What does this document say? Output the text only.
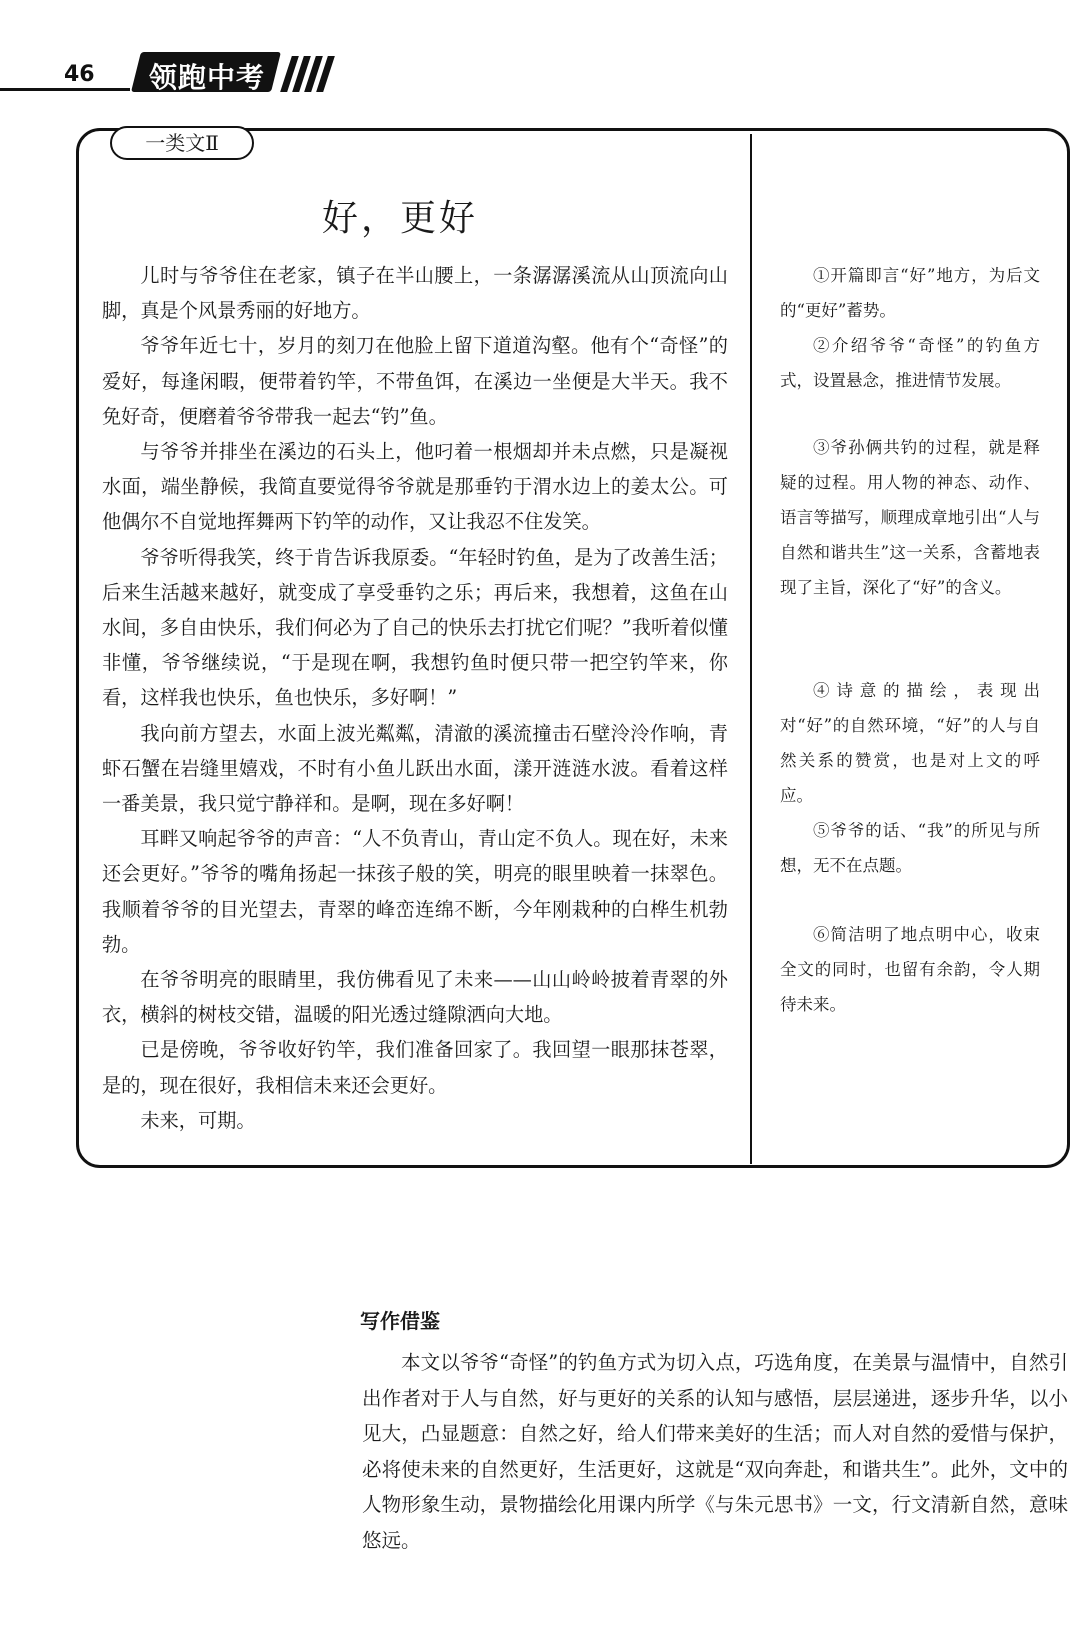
46 领跑中考
一类文Ⅱ
好，更好

儿时与爷爷住在老家，镇子在半山腰上，一条潺潺溪流从山顶流向山脚，真是个风景秀丽的好地方。

爷爷年近七十，岁月的刻刀在他脸上留下道道沟壑。他有个“奇怪”的爱好，每逢闲暇，便带着钓竿，不带鱼饵，在溪边一坐便是大半天。我不免好奇，便磨着爷爷带我一起去“钓”鱼。

与爷爷并排坐在溪边的石头上，他叼着一根烟却并未点燃，只是凝视水面，端坐静候，我简直要觉得爷爷就是那垂钓于渭水边上的姜太公。可他偶尔不自觉地挥舞两下钓竿的动作，又让我忍不住发笑。

爷爷听得我笑，终于肯告诉我原委。“年轻时钓鱼，是为了改善生活；后来生活越来越好，就变成了享受垂钓之乐；再后来，我想着，这鱼在山水间，多自由快乐，我们何必为了自己的快乐去打扰它们呢？”我听着似懂非懂，爷爷继续说，“于是现在啊，我想钓鱼时便只带一把空钓竿来，你看，这样我也快乐，鱼也快乐，多好啊！”

我向前方望去，水面上波光粼粼，清澈的溪流撞击石壁泠泠作响，青虾石蟹在岩缝里嬉戏，不时有小鱼儿跃出水面，漾开涟涟水波。看着这样一番美景，我只觉宁静祥和。是啊，现在多好啊！

耳畔又响起爷爷的声音：“人不负青山，青山定不负人。现在好，未来还会更好。”爷爷的嘴角扬起一抹孩子般的笑，明亮的眼里映着一抹翠色。我顺着爷爷的目光望去，青翠的峰峦连绵不断，今年刚栽种的白桦生机勃勃。

在爷爷明亮的眼睛里，我仿佛看见了未来——山山岭岭披着青翠的外衣，横斜的树枝交错，温暖的阳光透过缝隙洒向大地。

已是傍晚，爷爷收好钓竿，我们准备回家了。我回望一眼那抹苍翠，是的，现在很好，我相信未来还会更好。

未来，可期。

①开篇即言“好”地方，为后文的“更好”蓄势。

②介绍爷爷“奇怪”的钓鱼方式，设置悬念，推进情节发展。

③爷孙俩共钓的过程，就是释疑的过程。用人物的神态、动作、语言等描写，顺理成章地引出“人与自然和谐共生”这一关系，含蓄地表现了主旨，深化了“好”的含义。

④诗意的描绘，表现出对“好”的自然环境，“好”的人与自然关系的赞赏，也是对上文的呼应。

⑤爷爷的话、“我”的所见与所想，无不在点题。

⑥简洁明了地点明中心，收束全文的同时，也留有余韵，令人期待未来。

写作借鉴

本文以爷爷“奇怪”的钓鱼方式为切入点，巧选角度，在美景与温情中，自然引出作者对于人与自然，好与更好的关系的认知与感悟，层层递进，逐步升华，以小见大，凸显题意：自然之好，给人们带来美好的生活；而人对自然的爱惜与保护，必将使未来的自然更好，生活更好，这就是“双向奔赴，和谐共生”。此外，文中的人物形象生动，景物描绘化用课内所学《与朱元思书》一文，行文清新自然，意味悠远。
